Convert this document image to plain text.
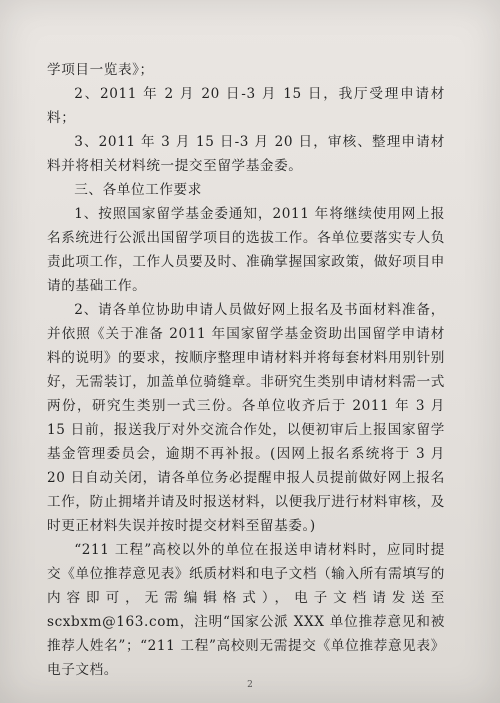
学项目一览表》；

2、2011 年 2 月 20 日-3 月 15 日，我厅受理申请材料；

3、2011 年 3 月 15 日-3 月 20 日，审核、整理申请材料并将相关材料统一提交至留学基金委。

三、各单位工作要求

1、按照国家留学基金委通知，2011 年将继续使用网上报名系统进行公派出国留学项目的选拔工作。各单位要落实专人负责此项工作，工作人员要及时、准确掌握国家政策，做好项目申请的基础工作。

2、请各单位协助申请人员做好网上报名及书面材料准备，并依照《关于准备 2011 年国家留学基金资助出国留学申请材料的说明》的要求，按顺序整理申请材料并将每套材料用别针别好，无需装订，加盖单位骑缝章。非研究生类别申请材料需一式两份，研究生类别一式三份。各单位收齐后于 2011 年 3 月 15 日前，报送我厅对外交流合作处，以便初审后上报国家留学基金管理委员会，逾期不再补报。(因网上报名系统将于 3 月 20 日自动关闭，请各单位务必提醒申报人员提前做好网上报名工作，防止拥堵并请及时报送材料，以便我厅进行材料审核，及时更正材料失误并按时提交材料至留基委。)

“211 工程”高校以外的单位在报送申请材料时，应同时提交《单位推荐意见表》纸质材料和电子文档（输入所有需填写的内容即可，无需编辑格式），电子文档请发送至 scxbxm@163.com，注明“国家公派 XXX 单位推荐意见和被推荐人姓名”；“211 工程”高校则无需提交《单位推荐意见表》电子文档。

2
